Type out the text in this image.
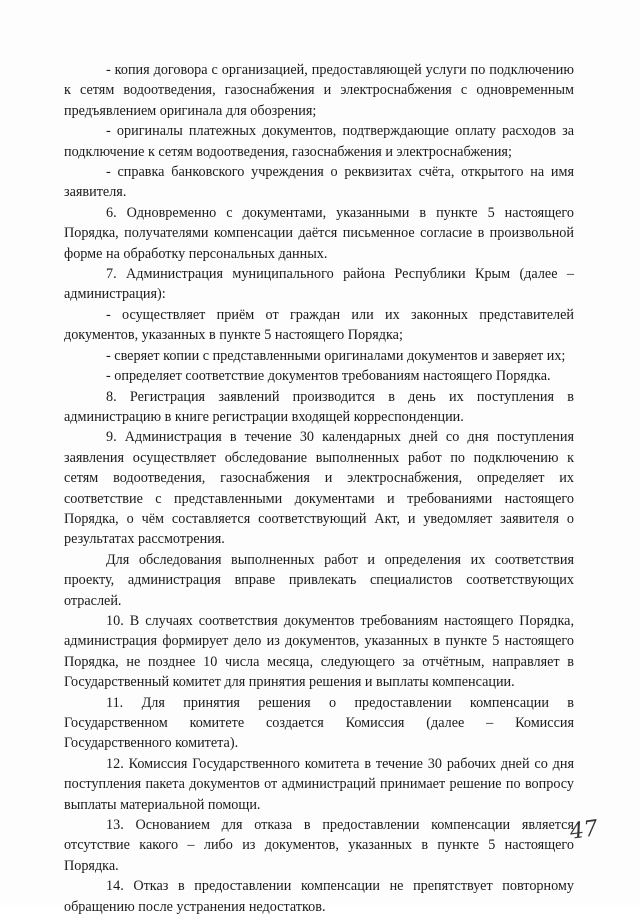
- копия договора с организацией, предоставляющей услуги по подключению к сетям водоотведения, газоснабжения и электроснабжения с одновременным предъявлением оригинала для обозрения;

- оригиналы платежных документов, подтверждающие оплату расходов за подключение к сетям водоотведения, газоснабжения и электроснабжения;

- справка банковского учреждения о реквизитах счёта, открытого на имя заявителя.

6. Одновременно с документами, указанными в пункте 5 настоящего Порядка, получателями компенсации даётся письменное согласие в произвольной форме на обработку персональных данных.

7. Администрация муниципального района Республики Крым (далее – администрация):

- осуществляет приём от граждан или их законных представителей документов, указанных в пункте 5 настоящего Порядка;

- сверяет копии с представленными оригиналами документов и заверяет их;

- определяет соответствие документов требованиям настоящего Порядка.

8. Регистрация заявлений производится в день их поступления в администрацию в книге регистрации входящей корреспонденции.

9. Администрация в течение 30 календарных дней со дня поступления заявления осуществляет обследование выполненных работ по подключению к сетям водоотведения, газоснабжения и электроснабжения, определяет их соответствие с представленными документами и требованиями настоящего Порядка, о чём составляется соответствующий Акт, и уведомляет заявителя о результатах рассмотрения.

Для обследования выполненных работ и определения их соответствия проекту, администрация вправе привлекать специалистов соответствующих отраслей.

10. В случаях соответствия документов требованиям настоящего Порядка, администрация формирует дело из документов, указанных в пункте 5 настоящего Порядка, не позднее 10 числа месяца, следующего за отчётным, направляет в Государственный комитет для принятия решения и выплаты компенсации.

11. Для принятия решения о предоставлении компенсации в Государственном комитете создается Комиссия (далее – Комиссия Государственного комитета).

12. Комиссия Государственного комитета в течение 30 рабочих дней со дня поступления пакета документов от администраций принимает решение по вопросу выплаты материальной помощи.

13. Основанием для отказа в предоставлении компенсации является отсутствие какого – либо из документов, указанных в пункте 5 настоящего Порядка.

14. Отказ в предоставлении компенсации не препятствует повторному обращению после устранения недостатков.

47
